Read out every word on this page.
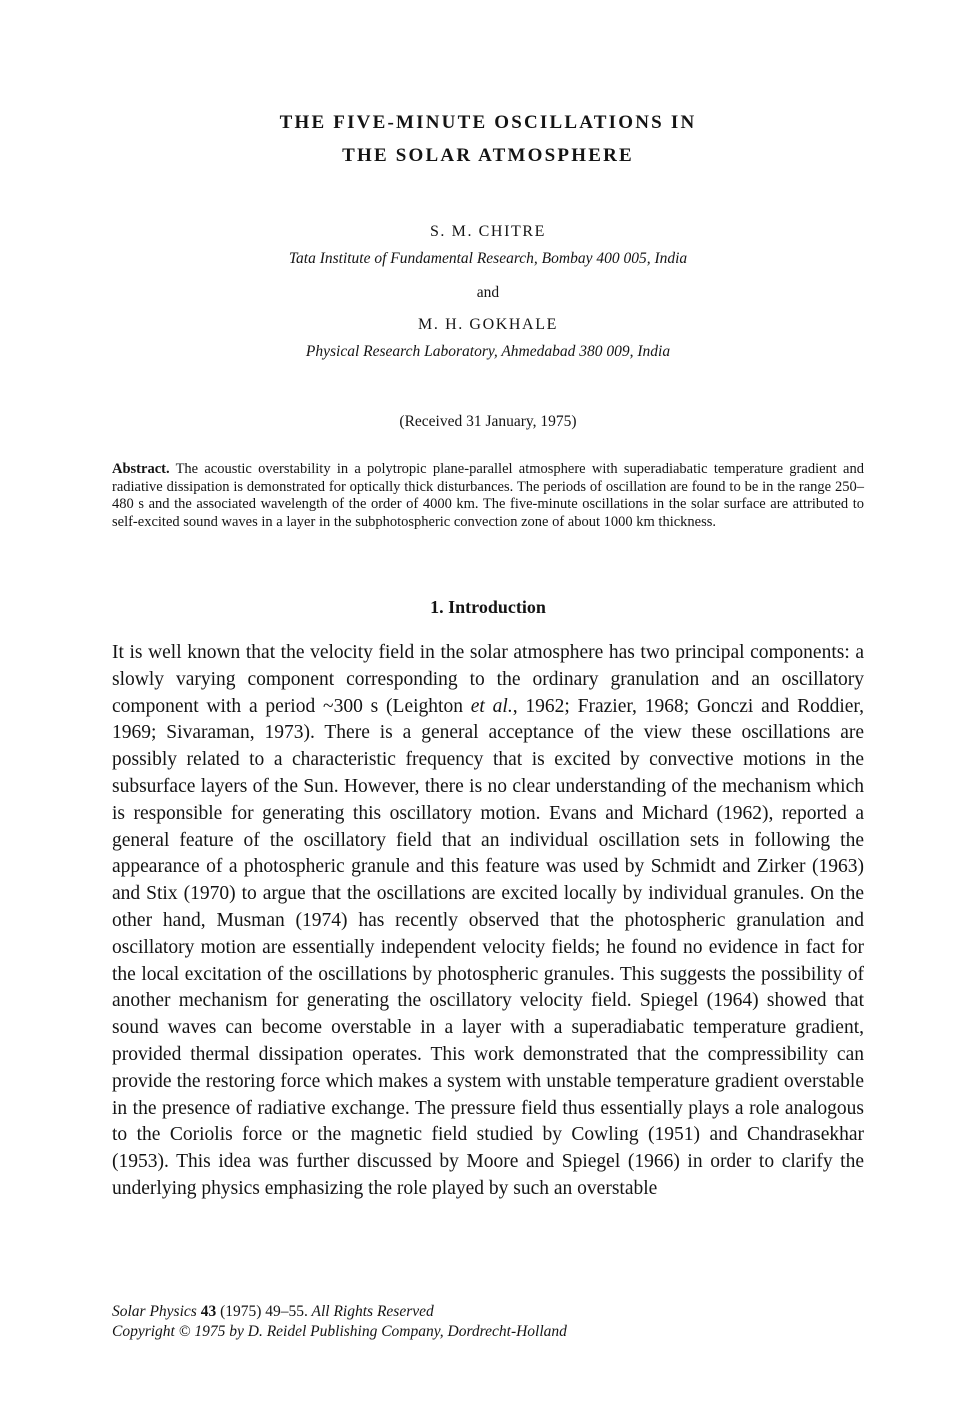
THE FIVE-MINUTE OSCILLATIONS IN
THE SOLAR ATMOSPHERE
S. M. CHITRE
Tata Institute of Fundamental Research, Bombay 400 005, India
and
M. H. GOKHALE
Physical Research Laboratory, Ahmedabad 380 009, India
(Received 31 January, 1975)

Abstract. The acoustic overstability in a polytropic plane-parallel atmosphere with superadiabatic temperature gradient and radiative dissipation is demonstrated for optically thick disturbances. The periods of oscillation are found to be in the range 250–480 s and the associated wavelength of the order of 4000 km. The five-minute oscillations in the solar surface are attributed to self-excited sound waves in a layer in the subphotospheric convection zone of about 1000 km thickness.

1. Introduction

It is well known that the velocity field in the solar atmosphere has two principal components: a slowly varying component corresponding to the ordinary granulation and an oscillatory component with a period ~300 s (Leighton et al., 1962; Frazier, 1968; Gonczi and Roddier, 1969; Sivaraman, 1973). There is a general acceptance of the view these oscillations are possibly related to a characteristic frequency that is excited by convective motions in the subsurface layers of the Sun. However, there is no clear understanding of the mechanism which is responsible for generating this oscillatory motion. Evans and Michard (1962), reported a general feature of the oscillatory field that an individual oscillation sets in following the appearance of a photospheric granule and this feature was used by Schmidt and Zirker (1963) and Stix (1970) to argue that the oscillations are excited locally by individual granules. On the other hand, Musman (1974) has recently observed that the photospheric granulation and oscillatory motion are essentially independent velocity fields; he found no evidence in fact for the local excitation of the oscillations by photospheric granules. This suggests the possibility of another mechanism for generating the oscillatory velocity field. Spiegel (1964) showed that sound waves can become overstable in a layer with a superadiabatic temperature gradient, provided thermal dissipation operates. This work demonstrated that the compressibility can provide the restoring force which makes a system with unstable temperature gradient overstable in the presence of radiative exchange. The pressure field thus essentially plays a role analogous to the Coriolis force or the magnetic field studied by Cowling (1951) and Chandrasekhar (1953). This idea was further discussed by Moore and Spiegel (1966) in order to clarify the underlying physics emphasizing the role played by such an overstable

Solar Physics 43 (1975) 49–55. All Rights Reserved
Copyright © 1975 by D. Reidel Publishing Company, Dordrecht-Holland
